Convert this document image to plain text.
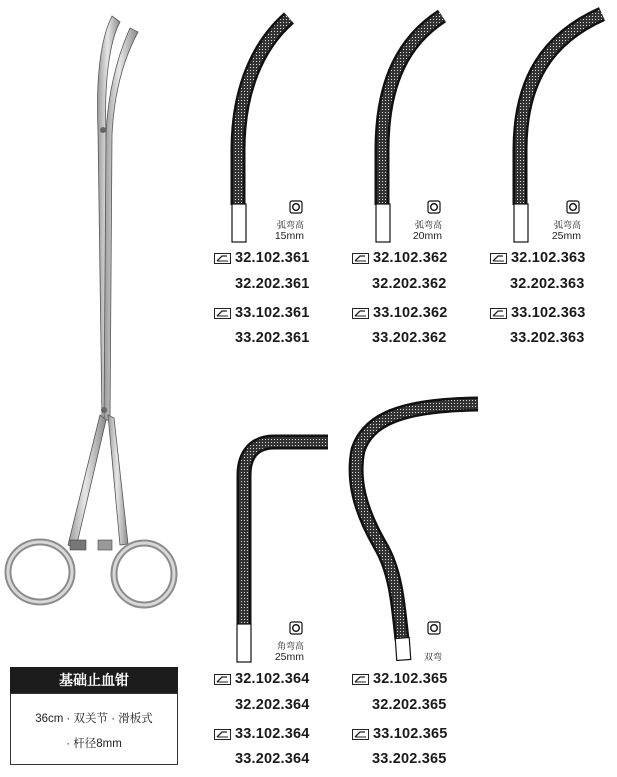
弧弯高
15mm
弧弯高
20mm
弧弯高
25mm
角弯高
25mm	双弯
32.102.361
32.202.361
33.102.361
33.202.361
32.102.362
32.202.362
33.102.362
33.202.362
32.102.363
32.202.363
33.102.363
33.202.363
32.102.364
32.202.364
33.102.364
33.202.364
32.102.365
32.202.365
33.102.365
33.202.365
基础止血钳
36cm · 双关节 · 滑板式
· 杆径8mm
